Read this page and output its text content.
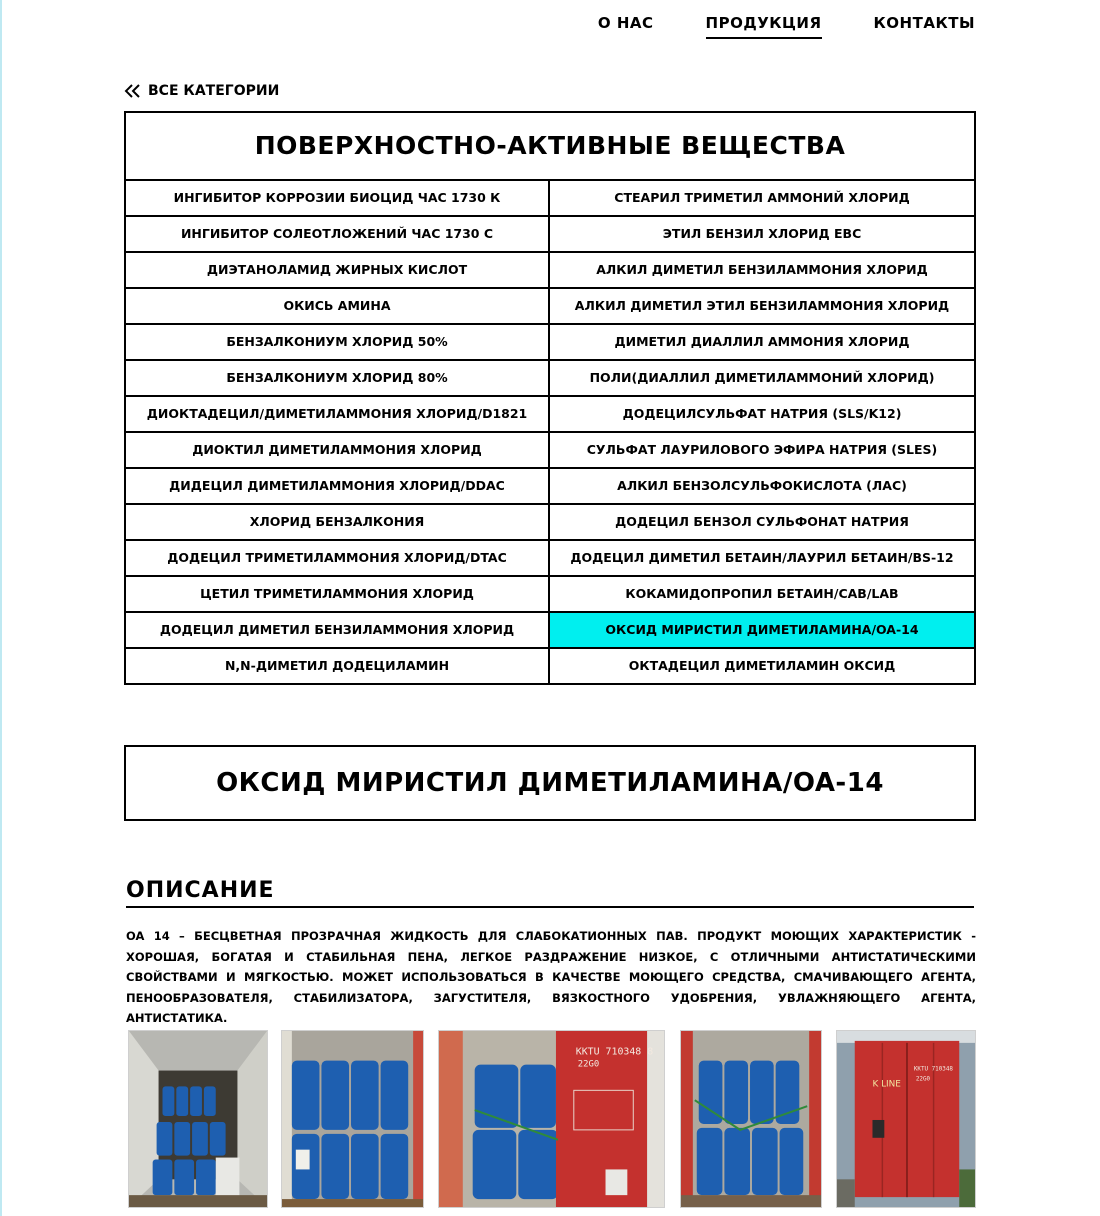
О НАС	ПРОДУКЦИЯ	КОНТАКТЫ
ВСЕ КАТЕГОРИИ
ПОВЕРХНОСТНО-АКТИВНЫЕ ВЕЩЕСТВА
ИНГИБИТОР КОРРОЗИИ БИОЦИД ЧАС 1730 К	СТЕАРИЛ ТРИМЕТИЛ АММОНИЙ ХЛОРИД
ИНГИБИТОР СОЛЕОТЛОЖЕНИЙ ЧАС 1730 С	ЭТИЛ БЕНЗИЛ ХЛОРИД EBC
ДИЭТАНОЛАМИД ЖИРНЫХ КИСЛОТ	АЛКИЛ ДИМЕТИЛ БЕНЗИЛАММОНИЯ ХЛОРИД
ОКИСЬ АМИНА	АЛКИЛ ДИМЕТИЛ ЭТИЛ БЕНЗИЛАММОНИЯ ХЛОРИД
БЕНЗАЛКОНИУМ ХЛОРИД 50%	ДИМЕТИЛ ДИАЛЛИЛ АММОНИЯ ХЛОРИД
БЕНЗАЛКОНИУМ ХЛОРИД 80%	ПОЛИ(ДИАЛЛИЛ ДИМЕТИЛАММОНИЙ ХЛОРИД)
ДИОКТАДЕЦИЛ/ДИМЕТИЛАММОНИЯ ХЛОРИД/D1821	ДОДЕЦИЛСУЛЬФАТ НАТРИЯ (SLS/K12)
ДИОКТИЛ ДИМЕТИЛАММОНИЯ ХЛОРИД	СУЛЬФАТ ЛАУРИЛОВОГО ЭФИРА НАТРИЯ (SLES)
ДИДЕЦИЛ ДИМЕТИЛАММОНИЯ ХЛОРИД/DDAC	АЛКИЛ БЕНЗОЛСУЛЬФОКИСЛОТА (ЛАС)
ХЛОРИД БЕНЗАЛКОНИЯ	ДОДЕЦИЛ БЕНЗОЛ СУЛЬФОНАТ НАТРИЯ
ДОДЕЦИЛ ТРИМЕТИЛАММОНИЯ ХЛОРИД/DTAC	ДОДЕЦИЛ ДИМЕТИЛ БЕТАИН/ЛАУРИЛ БЕТАИН/BS-12
ЦЕТИЛ ТРИМЕТИЛАММОНИЯ ХЛОРИД	КОКАМИДОПРОПИЛ БЕТАИН/CAB/LAB
ДОДЕЦИЛ ДИМЕТИЛ БЕНЗИЛАММОНИЯ ХЛОРИД	ОКСИД МИРИСТИЛ ДИМЕТИЛАМИНА/OA-14
N,N-ДИМЕТИЛ ДОДЕЦИЛАМИН	ОКТАДЕЦИЛ ДИМЕТИЛАМИН ОКСИД
ОКСИД МИРИСТИЛ ДИМЕТИЛАМИНА/OA-14
ОПИСАНИЕ

OA 14 – БЕСЦВЕТНАЯ ПРОЗРАЧНАЯ ЖИДКОСТЬ ДЛЯ СЛАБОКАТИОННЫХ ПАВ. ПРОДУКТ МОЮЩИХ ХАРАКТЕРИСТИК - ХОРОШАЯ, БОГАТАЯ И СТАБИЛЬНАЯ ПЕНА, ЛЕГКОЕ РАЗДРАЖЕНИЕ НИЗКОЕ, С ОТЛИЧНЫМИ АНТИСТАТИЧЕСКИМИ СВОЙСТВАМИ И МЯГКОСТЬЮ. МОЖЕТ ИСПОЛЬЗОВАТЬСЯ В КАЧЕСТВЕ МОЮЩЕГО СРЕДСТВА, СМАЧИВАЮЩЕГО АГЕНТА, ПЕНООБРАЗОВАТЕЛЯ, СТАБИЛИЗАТОРА, ЗАГУСТИТЕЛЯ, ВЯЗКОСТНОГО УДОБРЕНИЯ, УВЛАЖНЯЮЩЕГО АГЕНТА, АНТИСТАТИКА.

KKTU 710348 8
22G0
K LINE
KKTU 710348
22G0
